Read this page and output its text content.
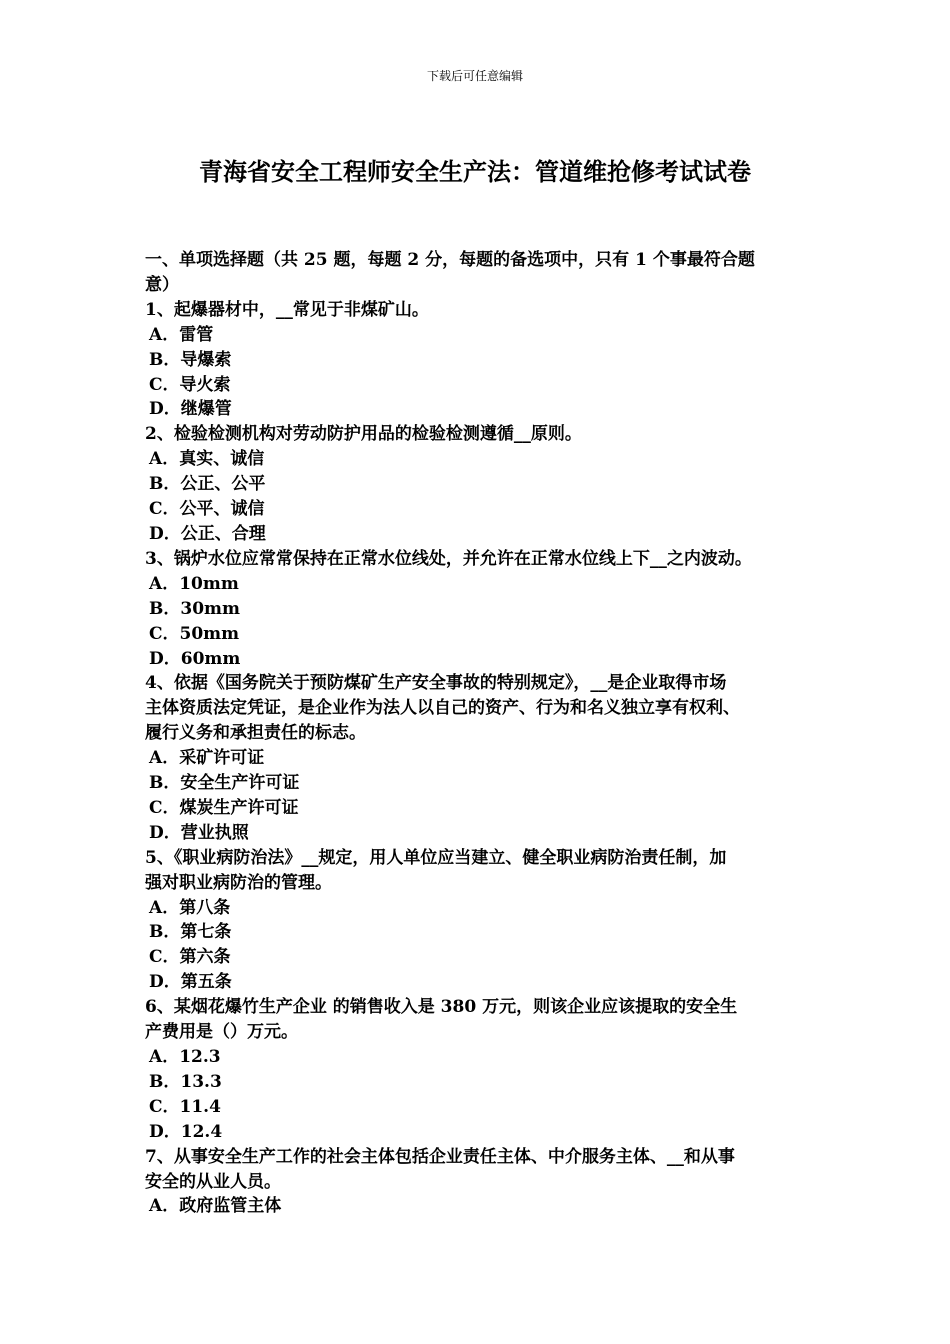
下载后可任意编辑
青海省安全工程师安全生产法：管道维抢修考试试卷

一、单项选择题（共 25 题，每题 2 分，每题的备选项中，只有 1 个事最符合题

意）

1、起爆器材中，__常见于非煤矿山。

A．雷管

B．导爆索

C．导火索

D．继爆管

2、检验检测机构对劳动防护用品的检验检测遵循__原则。

A．真实、诚信

B．公正、公平

C．公平、诚信

D．公正、合理

3、锅炉水位应常常保持在正常水位线处，并允许在正常水位线上下__之内波动。

A．10mm

B．30mm

C．50mm

D．60mm

4、依据《国务院关于预防煤矿生产安全事故的特别规定》，__是企业取得市场

主体资质法定凭证，是企业作为法人以自己的资产、行为和名义独立享有权利、

履行义务和承担责任的标志。

A．采矿许可证

B．安全生产许可证

C．煤炭生产许可证

D．营业执照

5、《职业病防治法》__规定，用人单位应当建立、健全职业病防治责任制，加

强对职业病防治的管理。

A．第八条

B．第七条

C．第六条

D．第五条

6、某烟花爆竹生产企业 的销售收入是 380 万元，则该企业应该提取的安全生

产费用是（）万元。

A．12.3

B．13.3

C．11.4

D．12.4

7、从事安全生产工作的社会主体包括企业责任主体、中介服务主体、__和从事

安全的从业人员。

A．政府监管主体
